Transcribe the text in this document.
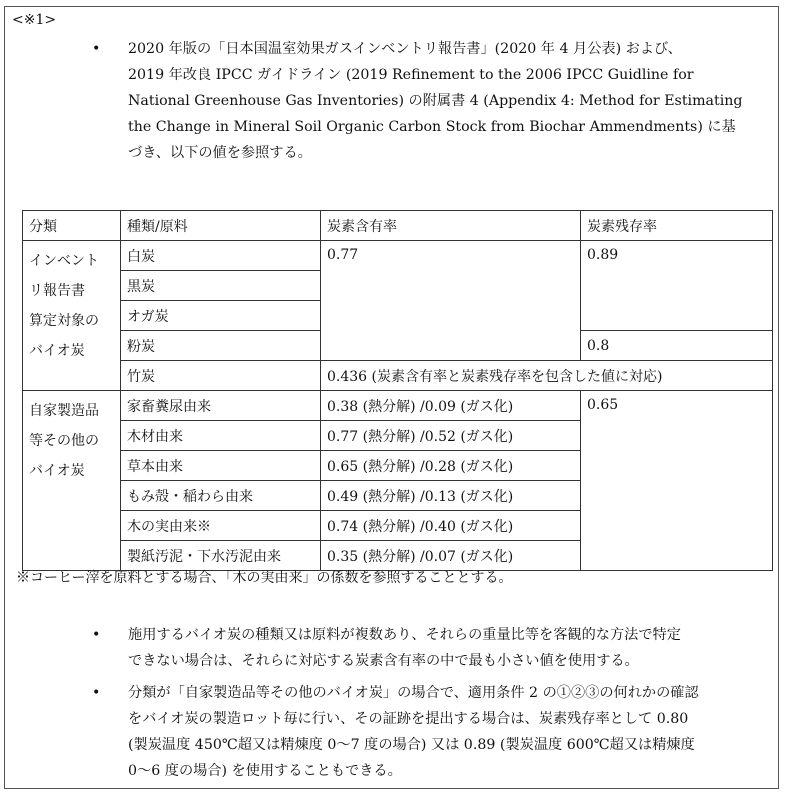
<※1>
• 2020 年版の「日本国温室効果ガスインベントリ報告書」(2020 年 4 月公表) および、
2019 年改良 IPCC ガイドライン (2019 Refinement to the 2006 IPCC Guidline for
National Greenhouse Gas Inventories) の附属書 4 (Appendix 4: Method for Estimating
the Change in Mineral Soil Organic Carbon Stock from Biochar Ammendments) に基
づき、以下の値を参照する。
分類	種類/原料	炭素含有率	炭素残存率

インベント
リ報告書
算定対象の
バイオ炭	白炭	0.77	0.89
	黒炭		
	オガ炭		
	粉炭		0.8
	竹炭	0.436 (炭素含有率と炭素残存率を包含した値に対応)	

自家製造品
等その他の
バイオ炭	家畜糞尿由来	0.38 (熱分解) /0.09 (ガス化)	0.65
	木材由来	0.77 (熱分解) /0.52 (ガス化)	
	草本由来	0.65 (熱分解) /0.28 (ガス化)	
	もみ殻・稲わら由来	0.49 (熱分解) /0.13 (ガス化)	
	木の実由来※	0.74 (熱分解) /0.40 (ガス化)	
	製紙汚泥・下水汚泥由来	0.35 (熱分解) /0.07 (ガス化)	
※コーヒー滓を原料とする場合、「木の実由来」の係数を参照することとする。
• 施用するバイオ炭の種類又は原料が複数あり、それらの重量比等を客観的な方法で特定
できない場合は、それらに対応する炭素含有率の中で最も小さい値を使用する。
• 分類が「自家製造品等その他のバイオ炭」の場合で、適用条件 2 の①②③の何れかの確認
をバイオ炭の製造ロット毎に行い、その証跡を提出する場合は、炭素残存率として 0.80
(製炭温度 450℃超又は精煉度 0〜7 度の場合) 又は 0.89 (製炭温度 600℃超又は精煉度
0〜6 度の場合) を使用することもできる。
